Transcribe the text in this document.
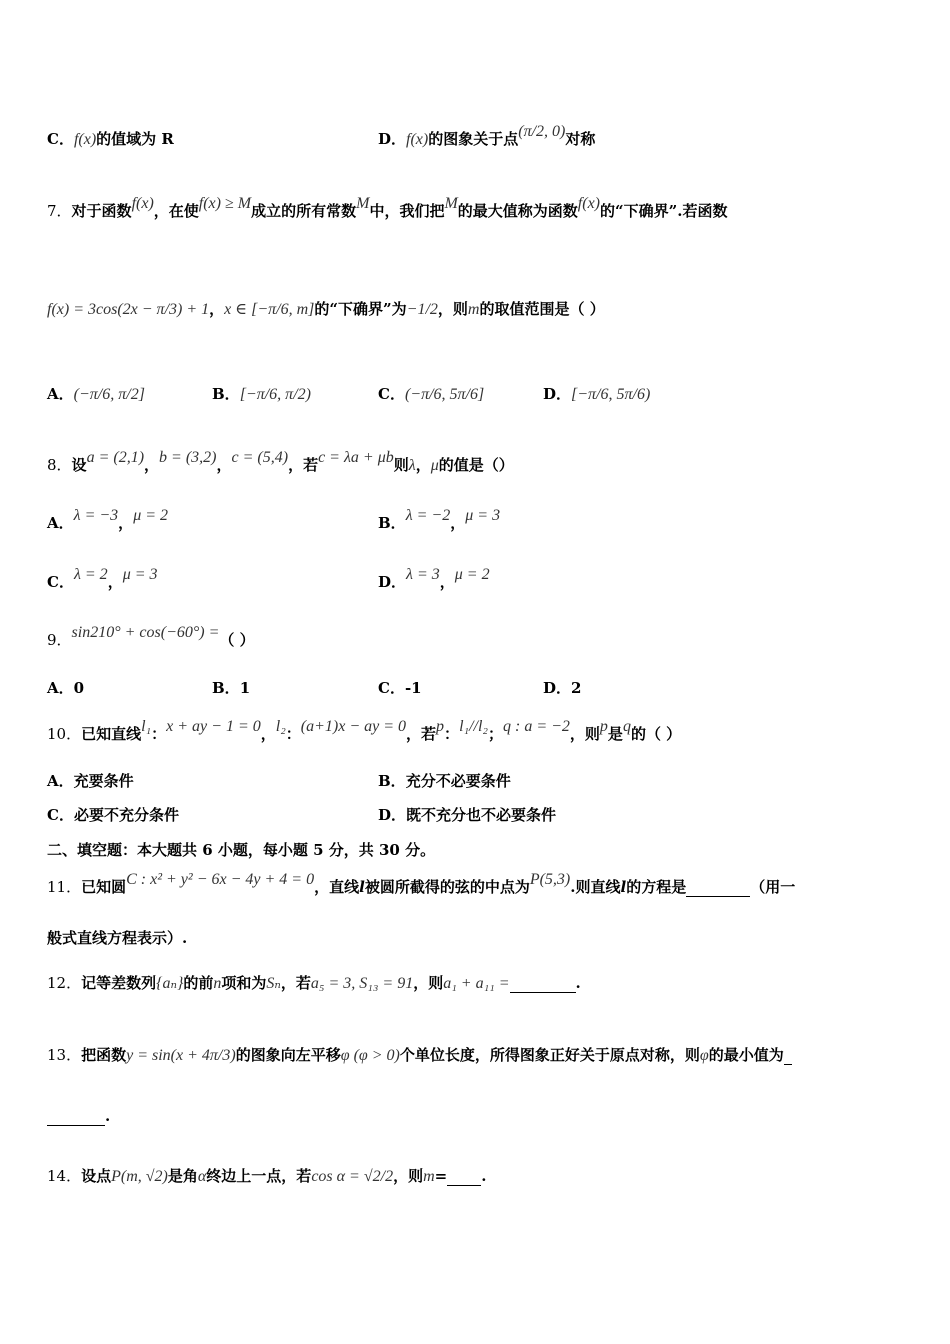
C．f(x)的值域为 R	D．f(x)的图象关于点(π/2, 0)对称
7．对于函数f(x)，在使f(x) ≥ M成立的所有常数M中，我们把M的最大值称为函数f(x)的“下确界”.若函数
f(x) = 3cos(2x − π/3) + 1，x ∈ [−π/6, m]的“下确界”为−1/2，则m的取值范围是（ ）
A．(−π/6, π/2]	B．[−π/6, π/2)	C．(−π/6, 5π/6]	D．[−π/6, 5π/6)
8．设a = (2,1)，b = (3,2)，c = (5,4)，若c = λa + μb则λ，μ的值是（）
A．λ = −3，μ = 2	B．λ = −2，μ = 3
C．λ = 2，μ = 3	D．λ = 3，μ = 2
9．sin210° + cos(−60°) =（ ）
A．0	B．1	C．-1	D．2
10．已知直线l₁：x + ay − 1 = 0，l₂：(a+1)x − ay = 0，若p：l₁//l₂；q : a = −2，则p是q的（ ）
A．充要条件	B．充分不必要条件
C．必要不充分条件	D．既不充分也不必要条件
二、填空题：本大题共 6 小题，每小题 5 分，共 30 分。
11．已知圆C : x² + y² − 6x − 4y + 4 = 0，直线l被圆所截得的弦的中点为P(5,3).则直线l的方程是	（用一
般式直线方程表示）.
12．记等差数列{aₙ}的前n项和为Sₙ，若a₅ = 3, S₁₃ = 91，则a₁ + a₁₁ =	.
13．把函数y = sin(x + 4π/3)的图象向左平移φ (φ > 0)个单位长度，所得图象正好关于原点对称，则φ的最小值为
.
14．设点P(m, √2)是角α终边上一点，若cos α = √2/2，则m= .
